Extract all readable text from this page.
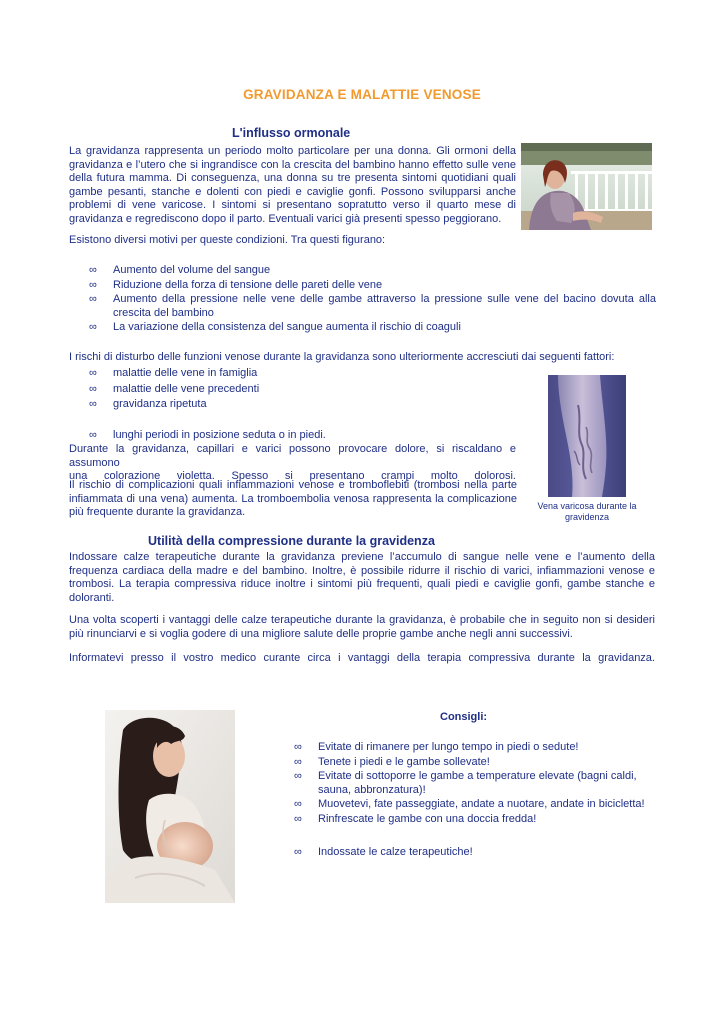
GRAVIDANZA E MALATTIE VENOSE
L'influsso ormonale
La gravidanza rappresenta un periodo molto particolare per una donna. Gli ormoni della
gravidanza e l’utero che si ingrandisce con la crescita del bambino hanno effetto sulle vene
della futura mamma. Di conseguenza, una donna su tre presenta sintomi quotidiani quali
gambe pesanti, stanche e dolenti con piedi e caviglie gonfi. Possono svilupparsi anche
problemi di vene varicose. I sintomi si presentano sopratutto verso il quarto mese di
gravidanza e regrediscono dopo il parto. Eventuali varici già presenti spesso peggiorano.
Esistono diversi motivi per queste condizioni. Tra questi figurano:
∞ Aumento del volume del sangue
∞ Riduzione della forza di tensione delle pareti delle vene
∞ Aumento della pressione nelle vene delle gambe attraverso la pressione sulle vene del bacino dovuta alla crescita del bambino
∞ La variazione della consistenza del sangue aumenta il rischio di coaguli
I rischi di disturbo delle funzioni venose durante la gravidanza sono ulteriormente accresciuti dai seguenti fattori:
∞ malattie delle vene in famiglia
∞ malattie delle vene precedenti
∞ gravidanza ripetuta
∞ lunghi periodi in posizione seduta o in piedi.
Vena varicosa durante la gravidenza
Durante la gravidanza, capillari e varici possono provocare dolore, si riscaldano e assumono
una colorazione violetta. Spesso si presentano crampi molto dolorosi.
Il rischio di complicazioni quali infiammazioni venose e tromboflebiti (trombosi nella parte infiammata di una vena) aumenta. La tromboembolia venosa rappresenta la complicazione più frequente durante la gravidanza.
Utilità della compressione durante la gravidenza
Indossare calze terapeutiche durante la gravidanza previene l’accumulo di sangue nelle vene e l’aumento della frequenza cardiaca della madre e del bambino. Inoltre, è possibile ridurre il rischio di varici, infiammazioni venose e trombosi. La terapia compressiva riduce inoltre i sintomi più frequenti, quali piedi e caviglie gonfi, gambe stanche e doloranti.
Una volta scoperti i vantaggi delle calze terapeutiche durante la gravidanza, è probabile che in seguito non si desideri più rinunciarvi e si voglia godere di una migliore salute delle proprie gambe anche negli anni successivi.
Informatevi presso il vostro medico curante circa i vantaggi della terapia compressiva durante la gravidanza.
Consigli:
∞ Evitate di rimanere per lungo tempo in piedi o sedute!
∞ Tenete i piedi e le gambe sollevate!
∞ Evitate di sottoporre le gambe a temperature elevate (bagni caldi, sauna, abbronzatura)!
∞ Muovetevi, fate passeggiate, andate a nuotare, andate in bicicletta!
∞ Rinfrescate le gambe con una doccia fredda!
∞ Indossate le calze terapeutiche!
